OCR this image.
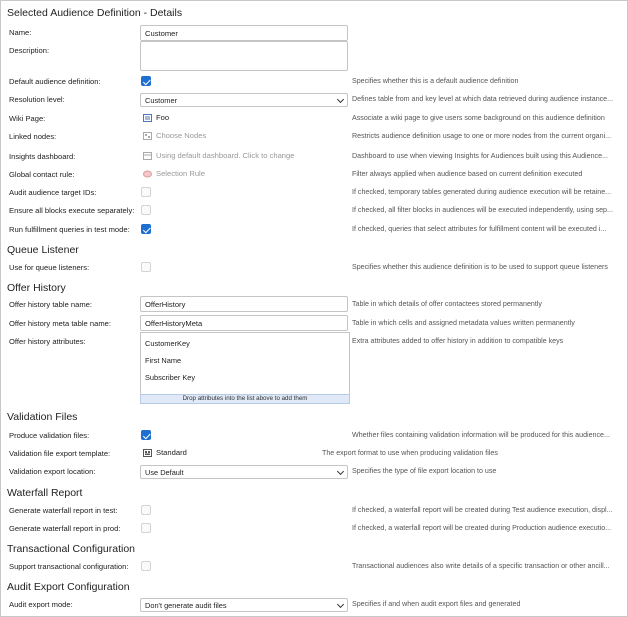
Selected Audience Definition - Details
Name:	Customer
Description:
Default audience definition:	Specifies whether this is a default audience definition
Resolution level:	Customer	Defines table from and key level at which data retrieved during audience instance...
Wiki Page:	Foo	Associate a wiki page to give users some background on this audience definition
Linked nodes:	Choose Nodes	Restricts audience definition usage to one or more nodes from the current organi...
Insights dashboard:	Using default dashboard. Click to change	Dashboard to use when viewing Insights for Audiences built using this Audience...
Global contact rule:	Selection Rule	Filter always applied when audience based on current definition executed
Audit audience target IDs:	If checked, temporary tables generated during audience execution will be retaine...
Ensure all blocks execute separately:	If checked, all filter blocks in audiences will be executed independently, using sep...
Run fulfillment queries in test mode:	If checked, queries that select attributes for fulfillment content will be executed i...
Queue Listener
Use for queue listeners:	Specifies whether this audience definition is to be used to support queue listeners
Offer History
Offer history table name:	OfferHistory	Table in which details of offer contactees stored permanently
Offer history meta table name:	OfferHistoryMeta	Table in which cells and assigned metadata values written permanently
Offer history attributes:	Extra attributes added to offer history in addition to compatible keys
CustomerKey
First Name
Subscriber Key
Drop attributes into the list above to add them
Validation Files
Produce validation files:	Whether files containing validation information will be produced for this audience...
Validation file export template:	Standard	The export format to use when producing validation files
Validation export location:	Use Default	Specifies the type of file export location to use
Waterfall Report
Generate waterfall report in test:	If checked, a waterfall report will be created during Test audience execution, displ...
Generate waterfall report in prod:	If checked, a waterfall report will be created during Production audience executio...
Transactional Configuration
Support transactional configuration:	Transactional audiences also write details of a specific transaction or other ancill...
Audit Export Configuration
Audit export mode:	Don't generate audit files	Specifies if and when audit export files and generated
